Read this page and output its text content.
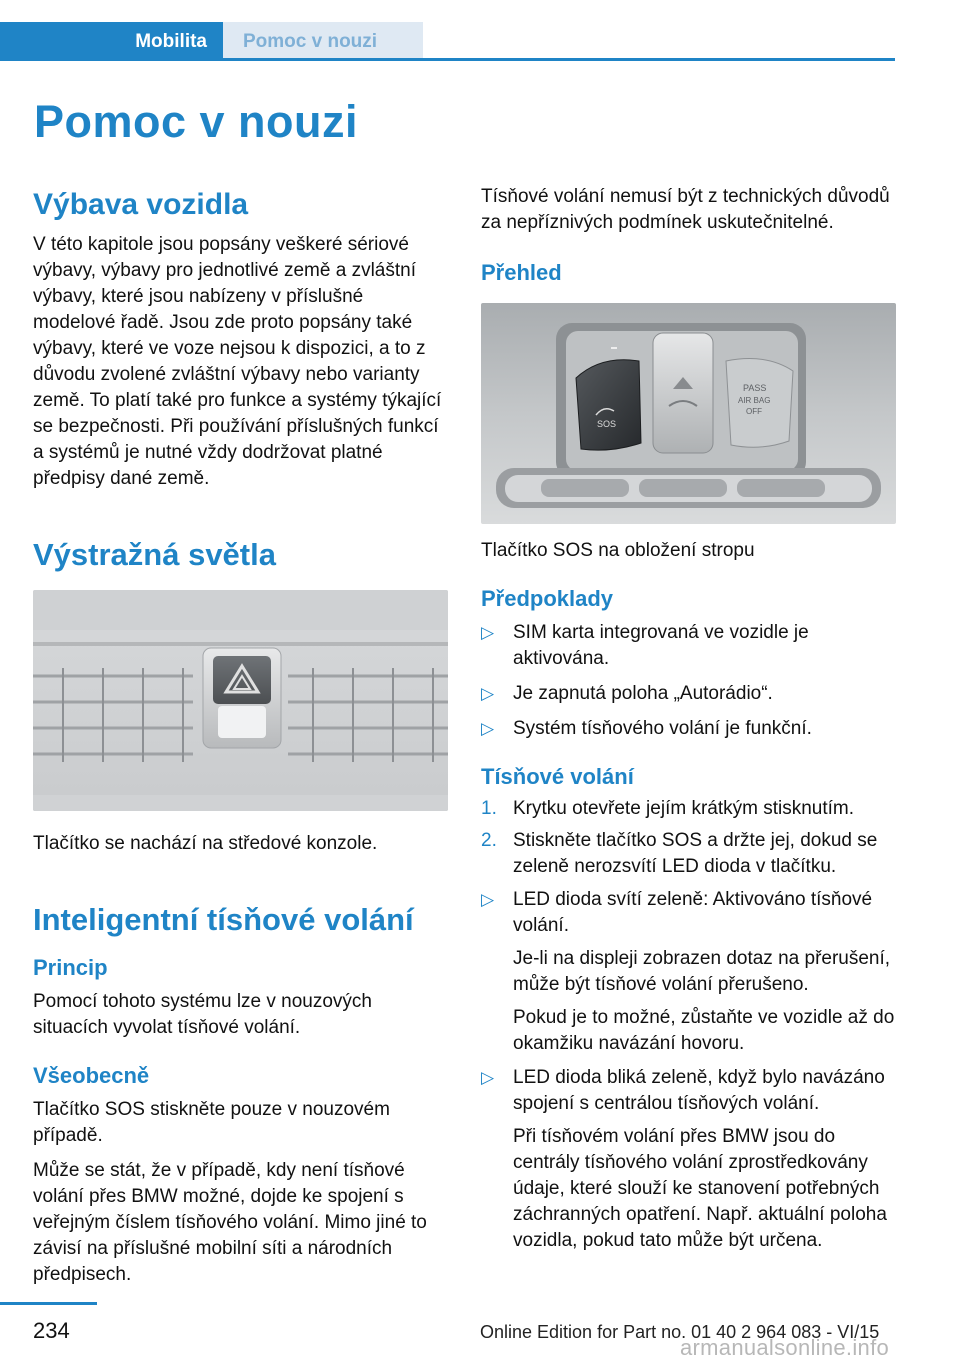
Mobilita	Pomoc v nouzi
Pomoc v nouzi
Výbava vozidla

V této kapitole jsou popsány veškeré sériové výbavy, výbavy pro jednotlivé země a zvláštní výbavy, které jsou nabízeny v příslušné modelové řadě. Jsou zde proto popsány také výbavy, které ve voze nejsou k dispozici, a to z důvodu zvolené zvláštní výbavy nebo varianty země. To platí také pro funkce a systémy týkající se bezpečnosti. Při používání příslušných funkcí a systémů je nutné vždy dodržovat platné předpisy dané země.

Výstražná světla

Tlačítko se nachází na středové konzole.

Inteligentní tísňové volání
Princip

Pomocí tohoto systému lze v nouzových situacích vyvolat tísňové volání.

Všeobecně

Tlačítko SOS stiskněte pouze v nouzovém případě.

Může se stát, že v případě, kdy není tísňové volání přes BMW možné, dojde ke spojení s veřejným číslem tísňového volání. Mimo jiné to závisí na příslušné mobilní síti a národních předpisech.

Tísňové volání nemusí být z technických důvodů za nepříznivých podmínek uskutečnitelné.

Přehled
SOS
PASS
AIR BAG
OFF

Tlačítko SOS na obložení stropu

Předpoklady
▷ SIM karta integrovaná ve vozidle je aktivována.
▷ Je zapnutá poloha „Autorádio“.
▷ Systém tísňového volání je funkční.
Tísňové volání
1. Krytku otevřete jejím krátkým stisknutím.
2. Stiskněte tlačítko SOS a držte jej, dokud se zeleně nerozsvítí LED dioda v tlačítku.
▷ LED dioda svítí zeleně: Aktivováno tísňové volání.

Je-li na displeji zobrazen dotaz na přerušení, může být tísňové volání přerušeno.

Pokud je to možné, zůstaňte ve vozidle až do okamžiku navázání hovoru.

▷ LED dioda bliká zeleně, když bylo navázáno spojení s centrálou tísňových volání.

Při tísňovém volání přes BMW jsou do centrály tísňového volání zprostředkovány údaje, které slouží ke stanovení potřebných záchranných opatření. Např. aktuální poloha vozidla, pokud tato může být určena.

234	Online Edition for Part no. 01 40 2 964 083 - VI/15
armanualsonline.info
